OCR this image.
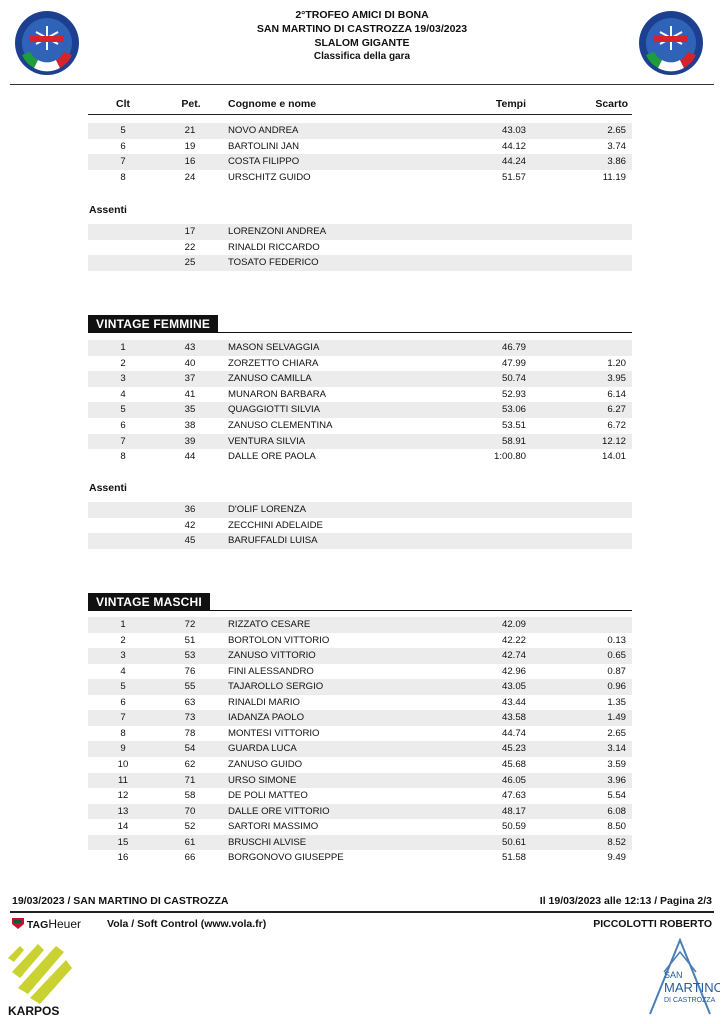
2°TROFEO AMICI DI BONA
SAN MARTINO DI CASTROZZA 19/03/2023
SLALOM GIGANTE
Classifica della gara
Clt	Pet.	Cognome e nome	Tempi	Scarto
5	21	NOVO ANDREA	43.03	2.65
6	19	BARTOLINI JAN	44.12	3.74
7	16	COSTA FILIPPO	44.24	3.86
8	24	URSCHITZ GUIDO	51.57	11.19
Assenti
17	LORENZONI ANDREA
22	RINALDI RICCARDO
25	TOSATO FEDERICO
VINTAGE FEMMINE
1	43	MASON SELVAGGIA	46.79
2	40	ZORZETTO CHIARA	47.99	1.20
3	37	ZANUSO CAMILLA	50.74	3.95
4	41	MUNARON BARBARA	52.93	6.14
5	35	QUAGGIOTTI SILVIA	53.06	6.27
6	38	ZANUSO CLEMENTINA	53.51	6.72
7	39	VENTURA SILVIA	58.91	12.12
8	44	DALLE ORE PAOLA	1:00.80	14.01
Assenti
36	D'OLIF LORENZA
42	ZECCHINI ADELAIDE
45	BARUFFALDI LUISA
VINTAGE MASCHI
1	72	RIZZATO CESARE	42.09
2	51	BORTOLON VITTORIO	42.22	0.13
3	53	ZANUSO VITTORIO	42.74	0.65
4	76	FINI ALESSANDRO	42.96	0.87
5	55	TAJAROLLO SERGIO	43.05	0.96
6	63	RINALDI MARIO	43.44	1.35
7	73	IADANZA PAOLO	43.58	1.49
8	78	MONTESI VITTORIO	44.74	2.65
9	54	GUARDA LUCA	45.23	3.14
10	62	ZANUSO GUIDO	45.68	3.59
11	71	URSO SIMONE	46.05	3.96
12	58	DE POLI MATTEO	47.63	5.54
13	70	DALLE ORE VITTORIO	48.17	6.08
14	52	SARTORI MASSIMO	50.59	8.50
15	61	BRUSCHI ALVISE	50.61	8.52
16	66	BORGONOVO GIUSEPPE	51.58	9.49
19/03/2023 / SAN MARTINO DI CASTROZZA	Il 19/03/2023 alle 12:13 / Pagina 2/3
TAGHeuer Vola / Soft Control (www.vola.fr)	PICCOLOTTI ROBERTO
KARPOS
SAN
MARTINO
DI CASTROZZA
